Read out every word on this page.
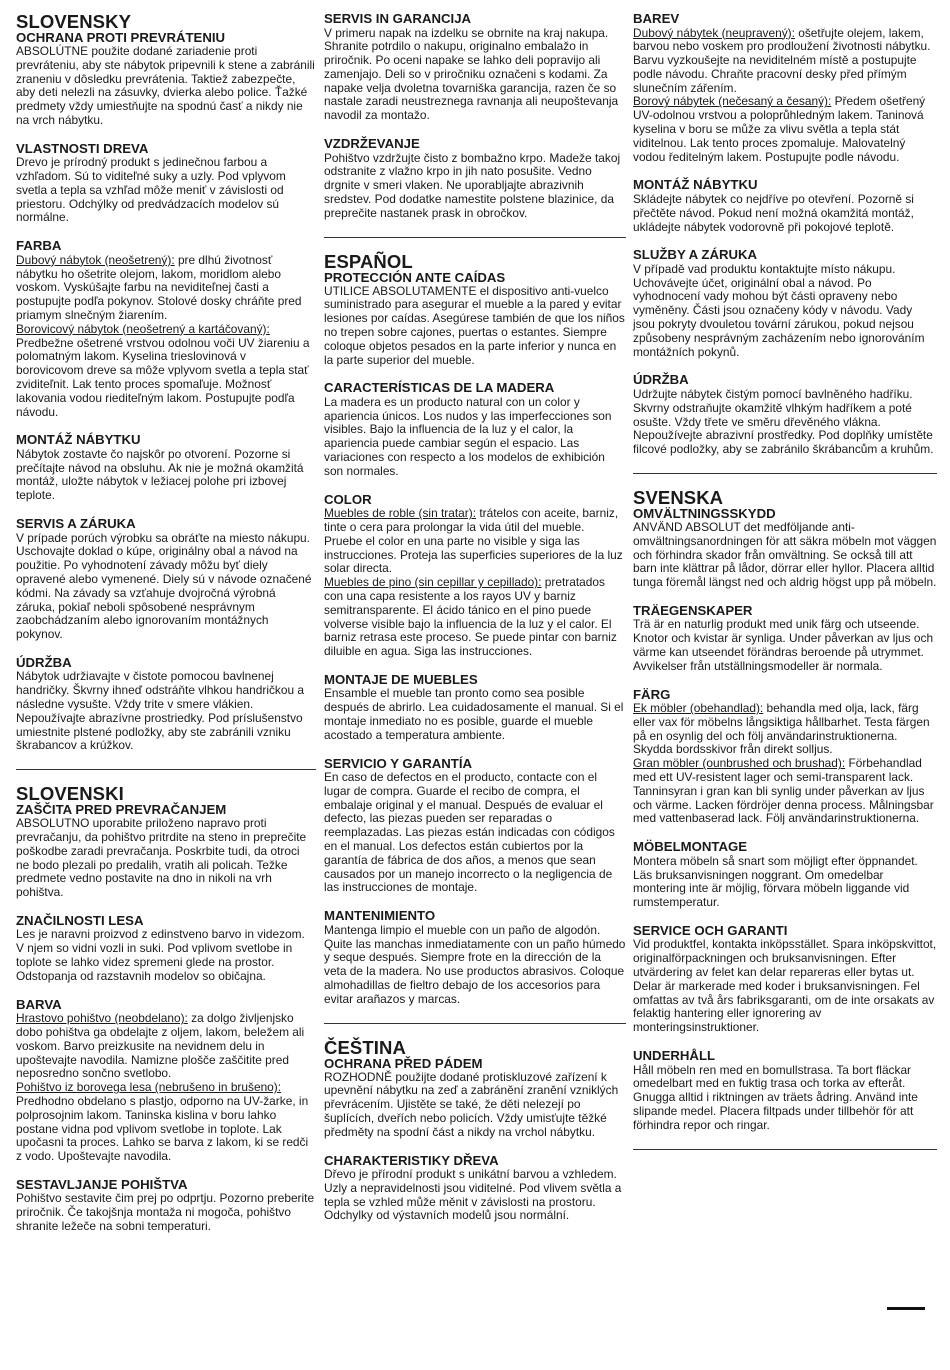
SLOVENSKY
OCHRANA PROTI PREVRÁTENIU

ABSOLÚTNE použite dodané zariadenie proti prevráteniu, aby ste nábytok pripevnili k stene a zabránili zraneniu v dôsledku prevrátenia. Taktiež zabezpečte, aby deti nelezli na zásuvky, dvierka alebo police. Ťažké predmety vždy umiestňujte na spodnú časť a nikdy nie na vrch nábytku.

VLASTNOSTI DREVA

Drevo je prírodný produkt s jedinečnou farbou a vzhľadom. Sú to viditeľné suky a uzly. Pod vplyvom svetla a tepla sa vzhľad môže meniť v závislosti od priestoru. Odchýlky od predvádzacích modelov sú normálne.

FARBA

Dubový nábytok (neošetrený): pre dlhú životnosť nábytku ho ošetrite olejom, lakom, moridlom alebo voskom. Vyskúšajte farbu na neviditeľnej časti a postupujte podľa pokynov. Stolové dosky chráňte pred priamym slnečným žiarením.
Borovicový nábytok (neošetrený a kartáčovaný): Predbežne ošetrené vrstvou odolnou voči UV žiareniu a polomatným lakom. Kyselina trieslovinová v borovicovom dreve sa môže vplyvom svetla a tepla stať zviditeľnit. Lak tento proces spomaľuje. Možnosť lakovania vodou riediteľným lakom. Postupujte podľa návodu.

MONTÁŽ NÁBYTKU

Nábytok zostavte čo najskôr po otvorení. Pozorne si prečítajte návod na obsluhu. Ak nie je možná okamžitá montáž, uložte nábytok v ležiacej polohe pri izbovej teplote.

SERVIS A ZÁRUKA

V prípade porúch výrobku sa obráťte na miesto nákupu. Uschovajte doklad o kúpe, originálny obal a návod na použitie. Po vyhodnotení závady môžu byť diely opravené alebo vymenené. Diely sú v návode označené kódmi. Na závady sa vzťahuje dvojročná výrobná záruka, pokiaľ neboli spôsobené nesprávnym zaobchádzaním alebo ignorovaním montážnych pokynov.

ÚDRŽBA

Nábytok udržiavajte v čistote pomocou bavlnenej handričky. Škvrny ihneď odstráňte vlhkou handričkou a následne vysušte. Vždy trite v smere vlákien. Nepoužívajte abrazívne prostriedky. Pod príslušenstvo umiestnite plstené podložky, aby ste zabránili vzniku škrabancov a krúžkov.

SLOVENSKI
ZAŠČITA PRED PREVRAČANJEM

ABSOLUTNO uporabite priloženo napravo proti prevračanju, da pohištvo pritrdite na steno in preprečite poškodbe zaradi prevračanja. Poskrbite tudi, da otroci ne bodo plezali po predalih, vratih ali policah. Težke predmete vedno postavite na dno in nikoli na vrh pohištva.

ZNAČILNOSTI LESA

Les je naravni proizvod z edinstveno barvo in videzom. V njem so vidni vozli in suki. Pod vplivom svetlobe in toplote se lahko videz spremeni glede na prostor. Odstopanja od razstavnih modelov so običajna.

BARVA

Hrastovo pohištvo (neobdelano): za dolgo življenjsko dobo pohištva ga obdelajte z oljem, lakom, beležem ali voskom. Barvo preizkusite na nevidnem delu in upoštevajte navodila. Namizne plošče zaščitite pred neposredno sončno svetlobo.
Pohištvo iz borovega lesa (nebrušeno in brušeno): Predhodno obdelano s plastjo, odporno na UV-žarke, in polprosojnim lakom. Taninska kislina v boru lahko postane vidna pod vplivom svetlobe in toplote. Lak upočasni ta proces. Lahko se barva z lakom, ki se redči z vodo. Upoštevajte navodila.

SESTAVLJANJE POHIŠTVA

Pohištvo sestavite čim prej po odprtju. Pozorno preberite priročnik. Če takojšnja montaža ni mogoča, pohištvo shranite ležeče na sobni temperaturi.

SERVIS IN GARANCIJA

V primeru napak na izdelku se obrnite na kraj nakupa. Shranite potrdilo o nakupu, originalno embalažo in priročnik. Po oceni napake se lahko deli popravijo ali zamenjajo. Deli so v priročniku označeni s kodami. Za napake velja dvoletna tovarniška garancija, razen če so nastale zaradi neustreznega ravnanja ali neupoštevanja navodil za montažo.

VZDRŽEVANJE

Pohištvo vzdržujte čisto z bombažno krpo. Madeže takoj odstranite z vlažno krpo in jih nato posušite. Vedno drgnite v smeri vlaken. Ne uporabljajte abrazivnih sredstev. Pod dodatke namestite polstene blazinice, da preprečite nastanek prask in obročkov.

ESPAÑOL
PROTECCIÓN ANTE CAÍDAS

UTILICE ABSOLUTAMENTE el dispositivo anti-vuelco suministrado para asegurar el mueble a la pared y evitar lesiones por caídas. Asegúrese también de que los niños no trepen sobre cajones, puertas o estantes. Siempre coloque objetos pesados en la parte inferior y nunca en la parte superior del mueble.

CARACTERÍSTICAS DE LA MADERA

La madera es un producto natural con un color y apariencia únicos. Los nudos y las imperfecciones son visibles. Bajo la influencia de la luz y el calor, la apariencia puede cambiar según el espacio. Las variaciones con respecto a los modelos de exhibición son normales.

COLOR

Muebles de roble (sin tratar): trátelos con aceite, barniz, tinte o cera para prolongar la vida útil del mueble. Pruebe el color en una parte no visible y siga las instrucciones. Proteja las superficies superiores de la luz solar directa.
Muebles de pino (sin cepillar y cepillado): pretratados con una capa resistente a los rayos UV y barniz semitransparente. El ácido tánico en el pino puede volverse visible bajo la influencia de la luz y el calor. El barniz retrasa este proceso. Se puede pintar con barniz diluible en agua. Siga las instrucciones.

MONTAJE DE MUEBLES

Ensamble el mueble tan pronto como sea posible después de abrirlo. Lea cuidadosamente el manual. Si el montaje inmediato no es posible, guarde el mueble acostado a temperatura ambiente.

SERVICIO Y GARANTÍA

En caso de defectos en el producto, contacte con el lugar de compra. Guarde el recibo de compra, el embalaje original y el manual. Después de evaluar el defecto, las piezas pueden ser reparadas o reemplazadas. Las piezas están indicadas con códigos en el manual. Los defectos están cubiertos por la garantía de fábrica de dos años, a menos que sean causados por un manejo incorrecto o la negligencia de las instrucciones de montaje.

MANTENIMIENTO

Mantenga limpio el mueble con un paño de algodón. Quite las manchas inmediatamente con un paño húmedo y seque después. Siempre frote en la dirección de la veta de la madera. No use productos abrasivos. Coloque almohadillas de fieltro debajo de los accesorios para evitar arañazos y marcas.

ČEŠTINA
OCHRANA PŘED PÁDEM

ROZHODNĚ použijte dodané protiskluzové zařízení k upevnění nábytku na zeď a zabránění zranění vzniklých převrácením. Ujistěte se také, že děti nelezejí po šuplících, dveřích nebo policích. Vždy umisťujte těžké předměty na spodní část a nikdy na vrchol nábytku.

CHARAKTERISTIKY DŘEVA

Dřevo je přírodní produkt s unikátní barvou a vzhledem. Uzly a nepravidelnosti jsou viditelné. Pod vlivem světla a tepla se vzhled může měnit v závislosti na prostoru. Odchylky od výstavních modelů jsou normální.

BAREV

Dubový nábytek (neupravený): ošetřujte olejem, lakem, barvou nebo voskem pro prodloužení životnosti nábytku. Barvu vyzkoušejte na neviditelném místě a postupujte podle návodu. Chraňte pracovní desky před přímým slunečním zářením.
Borový nábytek (nečesaný a česaný): Předem ošetřený UV-odolnou vrstvou a poloprůhledným lakem. Taninová kyselina v boru se může za vlivu světla a tepla stát viditelnou. Lak tento proces zpomaluje. Malovatelný vodou ředitelným lakem. Postupujte podle návodu.

MONTÁŽ NÁBYTKU

Skládejte nábytek co nejdříve po otevření. Pozorně si přečtěte návod. Pokud není možná okamžitá montáž, ukládejte nábytek vodorovně při pokojové teplotě.

SLUŽBY A ZÁRUKA

V případě vad produktu kontaktujte místo nákupu. Uchovávejte účet, originální obal a návod. Po vyhodnocení vady mohou být části opraveny nebo vyměněny. Části jsou označeny kódy v návodu. Vady jsou pokryty dvouletou tovární zárukou, pokud nejsou způsobeny nesprávným zacházením nebo ignorováním montážních pokynů.

ÚDRŽBA

Udržujte nábytek čistým pomocí bavlněného hadříku. Skvrny odstraňujte okamžitě vlhkým hadříkem a poté osušte. Vždy třete ve směru dřevěného vlákna. Nepoužívejte abrazivní prostředky. Pod doplňky umístěte filcové podložky, aby se zabránilo škrábancům a kruhům.

SVENSKA
OMVÄLTNINGSSKYDD

ANVÄND ABSOLUT det medföljande anti-omvältningsanordningen för att säkra möbeln mot väggen och förhindra skador från omvältning. Se också till att barn inte klättrar på lådor, dörrar eller hyllor. Placera alltid tunga föremål längst ned och aldrig högst upp på möbeln.

TRÄEGENSKAPER

Trä är en naturlig produkt med unik färg och utseende. Knotor och kvistar är synliga. Under påverkan av ljus och värme kan utseendet förändras beroende på utrymmet. Avvikelser från utställningsmodeller är normala.

FÄRG

Ek möbler (obehandlad): behandla med olja, lack, färg eller vax för möbelns långsiktiga hållbarhet. Testa färgen på en osynlig del och följ användarinstruktionerna. Skydda bordsskivor från direkt solljus.
Gran möbler (ounbrushed och brushad): Förbehandlad med ett UV-resistent lager och semi-transparent lack. Tanninsyran i gran kan bli synlig under påverkan av ljus och värme. Lacken fördröjer denna process. Målningsbar med vattenbaserad lack. Följ användarinstruktionerna.

MÖBELMONTAGE

Montera möbeln så snart som möjligt efter öppnandet. Läs bruksanvisningen noggrant. Om omedelbar montering inte är möjlig, förvara möbeln liggande vid rumstemperatur.

SERVICE OCH GARANTI

Vid produktfel, kontakta inköpsstället. Spara inköpskvittot, originalförpackningen och bruksanvisningen. Efter utvärdering av felet kan delar repareras eller bytas ut. Delar är markerade med koder i bruksanvisningen. Fel omfattas av två års fabriksgaranti, om de inte orsakats av felaktig hantering eller ignorering av monteringsinstruktioner.

UNDERHÅLL

Håll möbeln ren med en bomullstrasa. Ta bort fläckar omedelbart med en fuktig trasa och torka av efteråt. Gnugga alltid i riktningen av träets ådring. Använd inte slipande medel. Placera filtpads under tillbehör för att förhindra repor och ringar.
